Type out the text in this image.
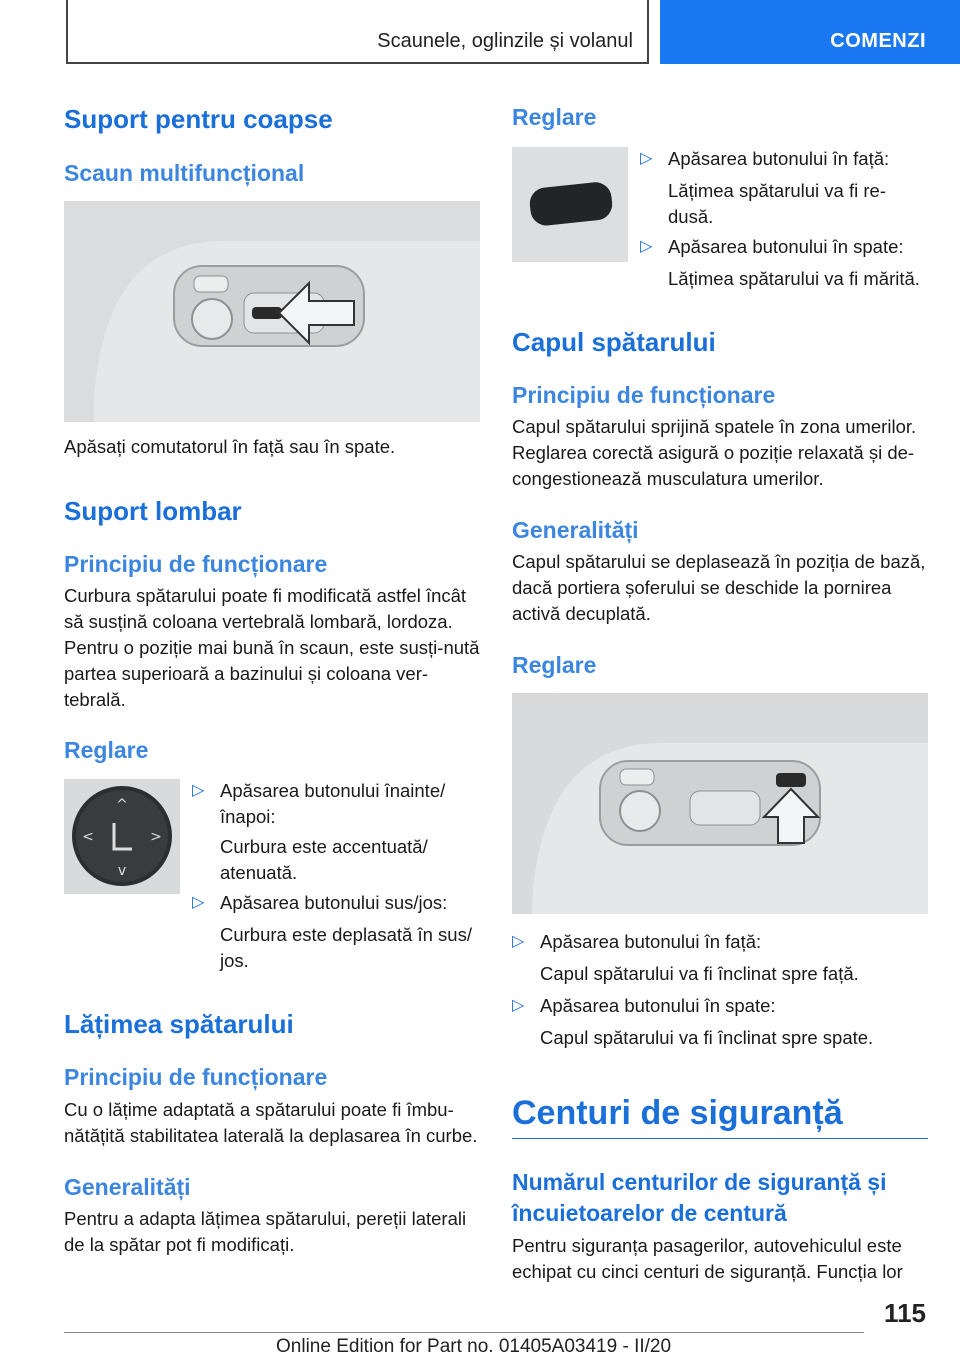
Scaunele, oglinzile și volanul	COMENZI
Suport pentru coapse
Scaun multifuncțional
Apăsați comutatorul în față sau în spate.
Suport lombar
Principiu de funcționare
Curbura spătarului poate fi modificată astfel încât să susțină coloana vertebrală lombară, lordoza. Pentru o poziție mai bună în scaun, este susți-nută partea superioară a bazinului și coloana ver-tebrală.
Reglare
^
v
<	>
▷ Apăsarea butonului înainte/ înapoi:
Curbura este accentuată/ atenuată.
▷ Apăsarea butonului sus/jos:
Curbura este deplasată în sus/ jos.
Lățimea spătarului
Principiu de funcționare
Cu o lățime adaptată a spătarului poate fi îmbu-nătățită stabilitatea laterală la deplasarea în curbe.
Generalități
Pentru a adapta lățimea spătarului, pereții laterali de la spătar pot fi modificați.
Reglare
▷ Apăsarea butonului în față:
Lățimea spătarului va fi re-dusă.
▷ Apăsarea butonului în spate:
Lățimea spătarului va fi mărită.
Capul spătarului
Principiu de funcționare
Capul spătarului sprijină spatele în zona umerilor. Reglarea corectă asigură o poziție relaxată și de-congestionează musculatura umerilor.
Generalități
Capul spătarului se deplasează în poziția de bază, dacă portiera șoferului se deschide la pornirea activă decuplată.
Reglare
▷ Apăsarea butonului în față:
Capul spătarului va fi înclinat spre față.
▷ Apăsarea butonului în spate:
Capul spătarului va fi înclinat spre spate.
Centuri de siguranță
Numărul centurilor de siguranță și încuietoarelor de centură
Pentru siguranța pasagerilor, autovehiculul este echipat cu cinci centuri de siguranță. Funcția lor
115
Online Edition for Part no. 01405A03419 - II/20
